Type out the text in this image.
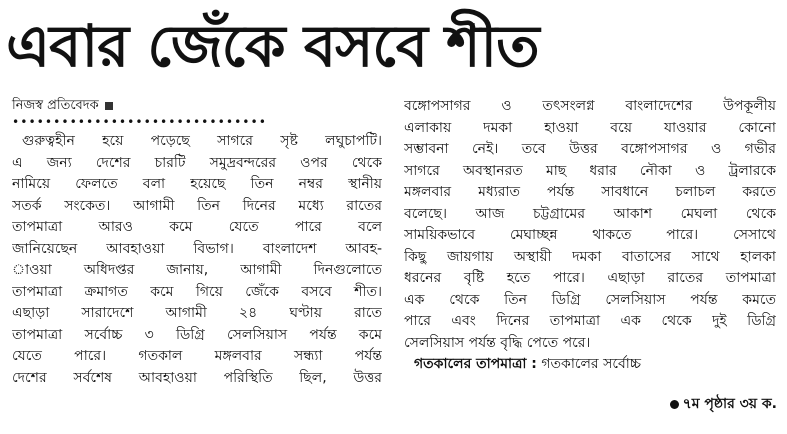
এবার জেঁকে বসবে শীত
নিজস্ব প্রতিবেদক
•••••••••••••••••••••••••••••••
গুরুত্বহীন হয়ে পড়েছে সাগরে সৃষ্ট লঘুচাপটি।
এ জন্য দেশের চারটি সমুদ্রবন্দরের ওপর থেকে
নামিয়ে ফেলতে বলা হয়েছে তিন নম্বর স্থানীয়
সতর্ক সংকেত। আগামী তিন দিনের মধ্যে রাতের
তাপমাত্রা আরও কমে যেতে পারে বলে
জানিয়েছেন আবহাওয়া বিভাগ। বাংলাদেশ আবহ-
াওয়া অধিদপ্তর জানায়, আগামী দিনগুলোতে
তাপমাত্রা ক্রমাগত কমে গিয়ে জেঁকে বসবে শীত।
এছাড়া সারাদেশে আগামী ২৪ ঘণ্টায় রাতে
তাপমাত্রা সর্বোচ্চ ৩ ডিগ্রি সেলসিয়াস পর্যন্ত কমে
যেতে পারে। গতকাল মঙ্গলবার সন্ধ্যা পর্যন্ত
দেশের সর্বশেষ আবহাওয়া পরিস্থিতি ছিল, উত্তর
বঙ্গোপসাগর ও তৎসংলগ্ন বাংলাদেশের উপকূলীয়
এলাকায় দমকা হাওয়া বয়ে যাওয়ার কোনো
সম্ভাবনা নেই। তবে উত্তর বঙ্গোপসাগর ও গভীর
সাগরে অবস্থানরত মাছ ধরার নৌকা ও ট্রলারকে
মঙ্গলবার মধ্যরাত পর্যন্ত সাবধানে চলাচল করতে
বলেছে। আজ চট্টগ্রামের আকাশ মেঘলা থেকে
সাময়িকভাবে মেঘাচ্ছন্ন থাকতে পারে। সেসাথে
কিছু জায়গায় অস্থায়ী দমকা বাতাসের সাথে হালকা
ধরনের বৃষ্টি হতে পারে। এছাড়া রাতের তাপমাত্রা
এক থেকে তিন ডিগ্রি সেলসিয়াস পর্যন্ত কমতে
পারে এবং দিনের তাপমাত্রা এক থেকে দুই ডিগ্রি
সেলসিয়াস পর্যন্ত বৃদ্ধি পেতে পরে।
গতকালের তাপমাত্রা : গতকালের সর্বোচ্চ
৭ম পৃষ্ঠার ৩য় ক.
